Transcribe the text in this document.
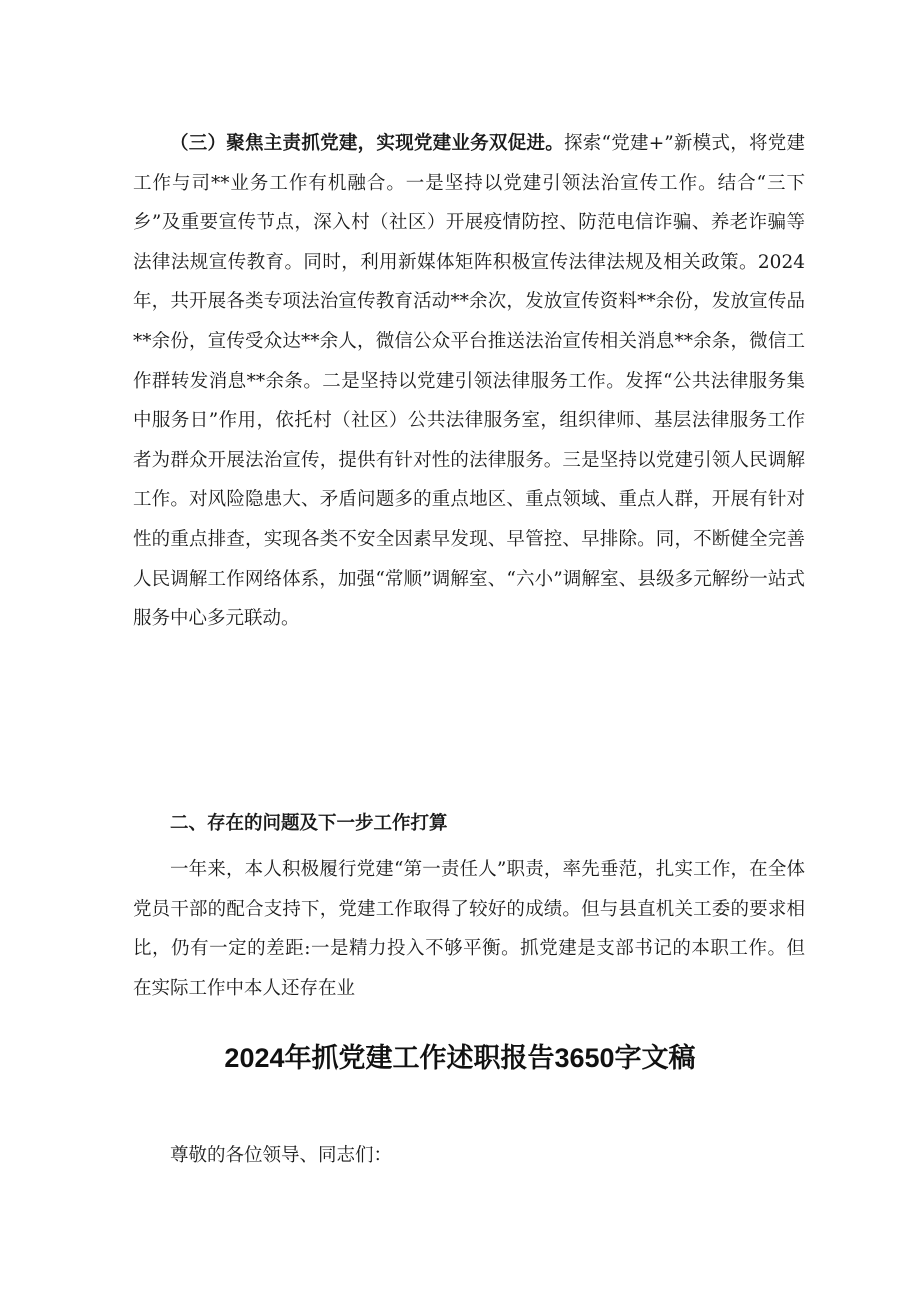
（三）聚焦主责抓党建，实现党建业务双促进。探索“党建+”新模式，将党建工作与司**业务工作有机融合。一是坚持以党建引领法治宣传工作。结合“三下乡”及重要宣传节点，深入村（社区）开展疫情防控、防范电信诈骗、养老诈骗等法律法规宣传教育。同时，利用新媒体矩阵积极宣传法律法规及相关政策。2024年，共开展各类专项法治宣传教育活动**余次，发放宣传资料**余份，发放宣传品**余份，宣传受众达**余人，微信公众平台推送法治宣传相关消息**余条，微信工作群转发消息**余条。二是坚持以党建引领法律服务工作。发挥“公共法律服务集中服务日”作用，依托村（社区）公共法律服务室，组织律师、基层法律服务工作者为群众开展法治宣传，提供有针对性的法律服务。三是坚持以党建引领人民调解工作。对风险隐患大、矛盾问题多的重点地区、重点领域、重点人群，开展有针对性的重点排查，实现各类不安全因素早发现、早管控、早排除。同，不断健全完善人民调解工作网络体系，加强“常顺”调解室、“六小”调解室、县级多元解纷一站式服务中心多元联动。

二、存在的问题及下一步工作打算

一年来，本人积极履行党建“第一责任人”职责，率先垂范，扎实工作，在全体党员干部的配合支持下，党建工作取得了较好的成绩。但与县直机关工委的要求相比，仍有一定的差距:一是精力投入不够平衡。抓党建是支部书记的本职工作。但在实际工作中本人还存在业

2024年抓党建工作述职报告3650字文稿

尊敬的各位领导、同志们：
